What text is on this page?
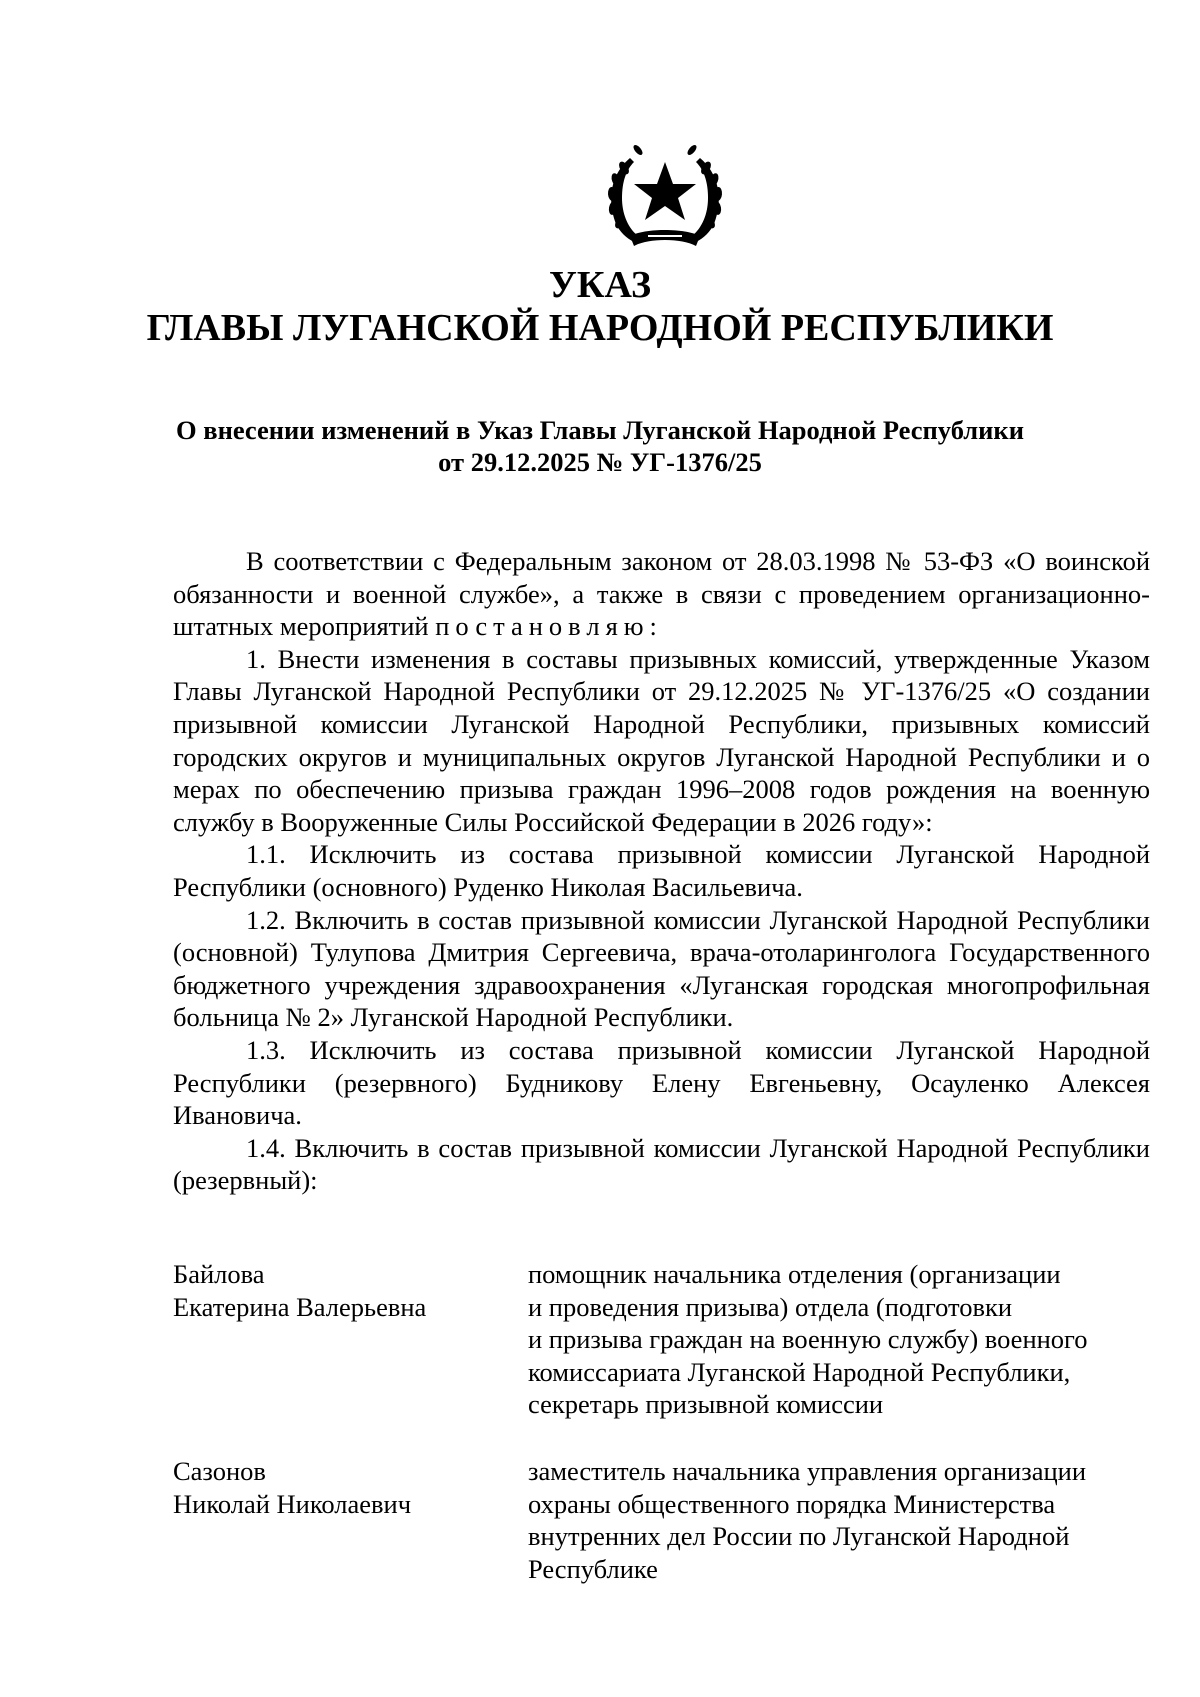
УКАЗ
ГЛАВЫ ЛУГАНСКОЙ НАРОДНОЙ РЕСПУБЛИКИ
О внесении изменений в Указ Главы Луганской Народной Республики
от 29.12.2025 № УГ-1376/25

В соответствии с Федеральным законом от 28.03.1998 № 53-ФЗ «О воинской обязанности и военной службе», а также в связи с проведением организационно-штатных мероприятий постановляю:

1. Внести изменения в составы призывных комиссий, утвержденные Указом Главы Луганской Народной Республики от 29.12.2025 № УГ-1376/25 «О создании призывной комиссии Луганской Народной Республики, призывных комиссий городских округов и муниципальных округов Луганской Народной Республики и о мерах по обеспечению призыва граждан 1996–2008 годов рождения на военную службу в Вооруженные Силы Российской Федерации в 2026 году»:

1.1. Исключить из состава призывной комиссии Луганской Народной Республики (основного) Руденко Николая Васильевича.

1.2. Включить в состав призывной комиссии Луганской Народной Республики (основной) Тулупова Дмитрия Сергеевича, врача-отоларинголога Государственного бюджетного учреждения здравоохранения «Луганская городская многопрофильная больница № 2» Луганской Народной Республики.

1.3. Исключить из состава призывной комиссии Луганской Народной Республики (резервного) Будникову Елену Евгеньевну, Осауленко Алексея Ивановича.

1.4. Включить в состав призывной комиссии Луганской Народной Республики (резервный):

Байлова
Екатерина Валерьевна
помощник начальника отделения (организации
и проведения призыва) отдела (подготовки
и призыва граждан на военную службу) военного
комиссариата Луганской Народной Республики,
секретарь призывной комиссии
Сазонов
Николай Николаевич
заместитель начальника управления организации
охраны общественного порядка Министерства
внутренних дел России по Луганской Народной
Республике
